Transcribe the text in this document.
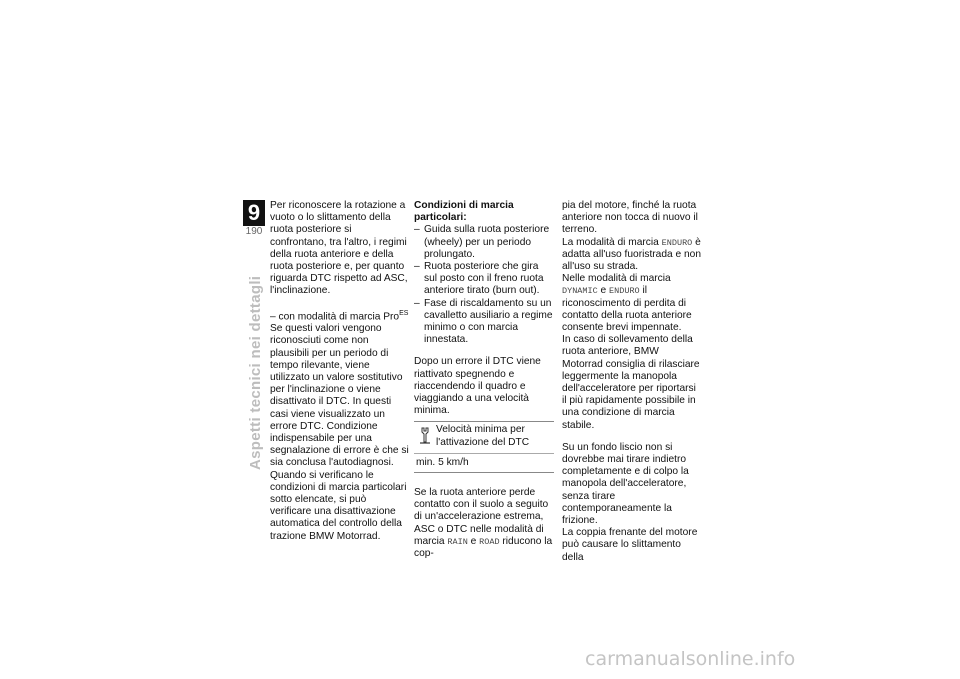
9
190
Aspetti tecnici nei dettagli

Per riconoscere la rotazione a vuoto o lo slittamento della ruota posteriore si confrontano, tra l'altro, i regimi della ruota anteriore e della ruota posteriore e, per quanto riguarda DTC rispetto ad ASC, l'inclinazione.

– con modalità di marcia Pro$^{ES}$

Se questi valori vengono riconosciuti come non plausibili per un periodo di tempo rilevante, viene utilizzato un valore sostitutivo per l'inclinazione o viene disattivato il DTC. In questi casi viene visualizzato un errore DTC. Condizione indispensabile per una segnalazione di errore è che si sia conclusa l'autodiagnosi.

Quando si verificano le condizioni di marcia particolari sotto elencate, si può verificare una disattivazione automatica del controllo della trazione BMW Motorrad.

Condizioni di marcia particolari:

– Guida sulla ruota posteriore (wheely) per un periodo prolungato.
– Ruota posteriore che gira sul posto con il freno ruota anteriore tirato (burn out).
– Fase di riscaldamento su un cavalletto ausiliario a regime minimo o con marcia innestata.

Dopo un errore il DTC viene riattivato spegnendo e riaccendendo il quadro e viaggiando a una velocità minima.

Velocità minima per l'attivazione del DTC
min. 5 km/h

Se la ruota anteriore perde contatto con il suolo a seguito di un'accelerazione estrema, ASC o DTC nelle modalità di marcia RAIN e ROAD riducono la cop-

pia del motore, finché la ruota anteriore non tocca di nuovo il terreno.

La modalità di marcia ENDURO è adatta all'uso fuoristrada e non all'uso su strada.

Nelle modalità di marcia DYNAMIC e ENDURO il riconoscimento di perdita di contatto della ruota anteriore consente brevi impennate.

In caso di sollevamento della ruota anteriore, BMW Motorrad consiglia di rilasciare leggermente la manopola dell'acceleratore per riportarsi il più rapidamente possibile in una condizione di marcia stabile.

Su un fondo liscio non si dovrebbe mai tirare indietro completamente e di colpo la manopola dell'acceleratore, senza tirare contemporaneamente la frizione.

La coppia frenante del motore può causare lo slittamento della

carmanualsonline.info
